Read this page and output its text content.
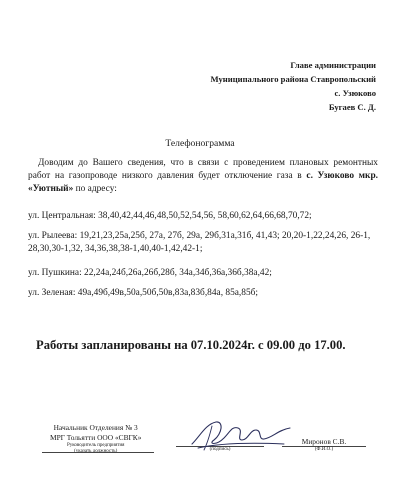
Главе администрации
Муниципального района Ставропольский
с. Узюково
Бугаев С. Д.
Телефонограмма

Доводим до Вашего сведения, что в связи с проведением плановых ремонтных работ на газопроводе низкого давления будет отключение газа в с. Узюково мкр. «Уютный» по адресу:

ул. Центральная: 38,40,42,44,46,48,50,52,54,56, 58,60,62,64,66,68,70,72;
ул. Рылеева: 19,21,23,25а,25б, 27а, 27б, 29а, 29б,31а,31б, 41,43; 20,20-1,22,24,26, 26-1, 28,30,30-1,32, 34,36,38,38-1,40,40-1,42,42-1;
ул. Пушкина: 22,24а,24б,26а,26б,28б, 34а,34б,36а,36б,38а,42;
ул. Зеленая: 49а,49б,49в,50а,50б,50в,83а,83б,84а, 85а,85б;
Работы запланированы на 07.10.2024г. с 09.00 до 17.00.
Начальник Отделения № 3
МРГ Тольятти ООО «СВГК»
Руководитель предприятия
(указать должность)	(подпись)
Миронов С.В.
(Ф.И.О.)
